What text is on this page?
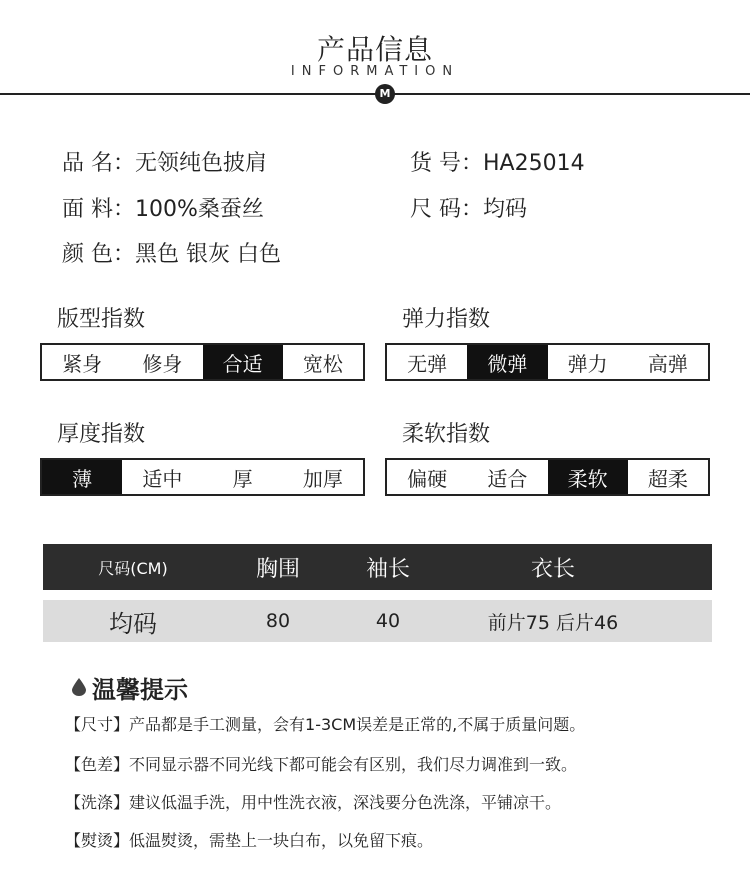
产品信息
INFORMATION
M
品 名：无领纯色披肩	货 号：HA25014
面 料：100%桑蚕丝	尺 码：均码
颜 色：黑色 银灰 白色
版型指数
紧身	修身	合适	宽松
弹力指数
无弹	微弹	弹力	高弹
厚度指数
薄	适中	厚	加厚
柔软指数
偏硬	适合	柔软	超柔
尺码(CM)	胸围	袖长	衣长
均码	80	40	前片75 后片46
温馨提示
【尺寸】产品都是手工测量，会有1-3CM误差是正常的,不属于质量问题。
【色差】不同显示器不同光线下都可能会有区别，我们尽力调准到一致。
【洗涤】建议低温手洗，用中性洗衣液，深浅要分色洗涤，平铺凉干。
【熨烫】低温熨烫，需垫上一块白布，以免留下痕。
